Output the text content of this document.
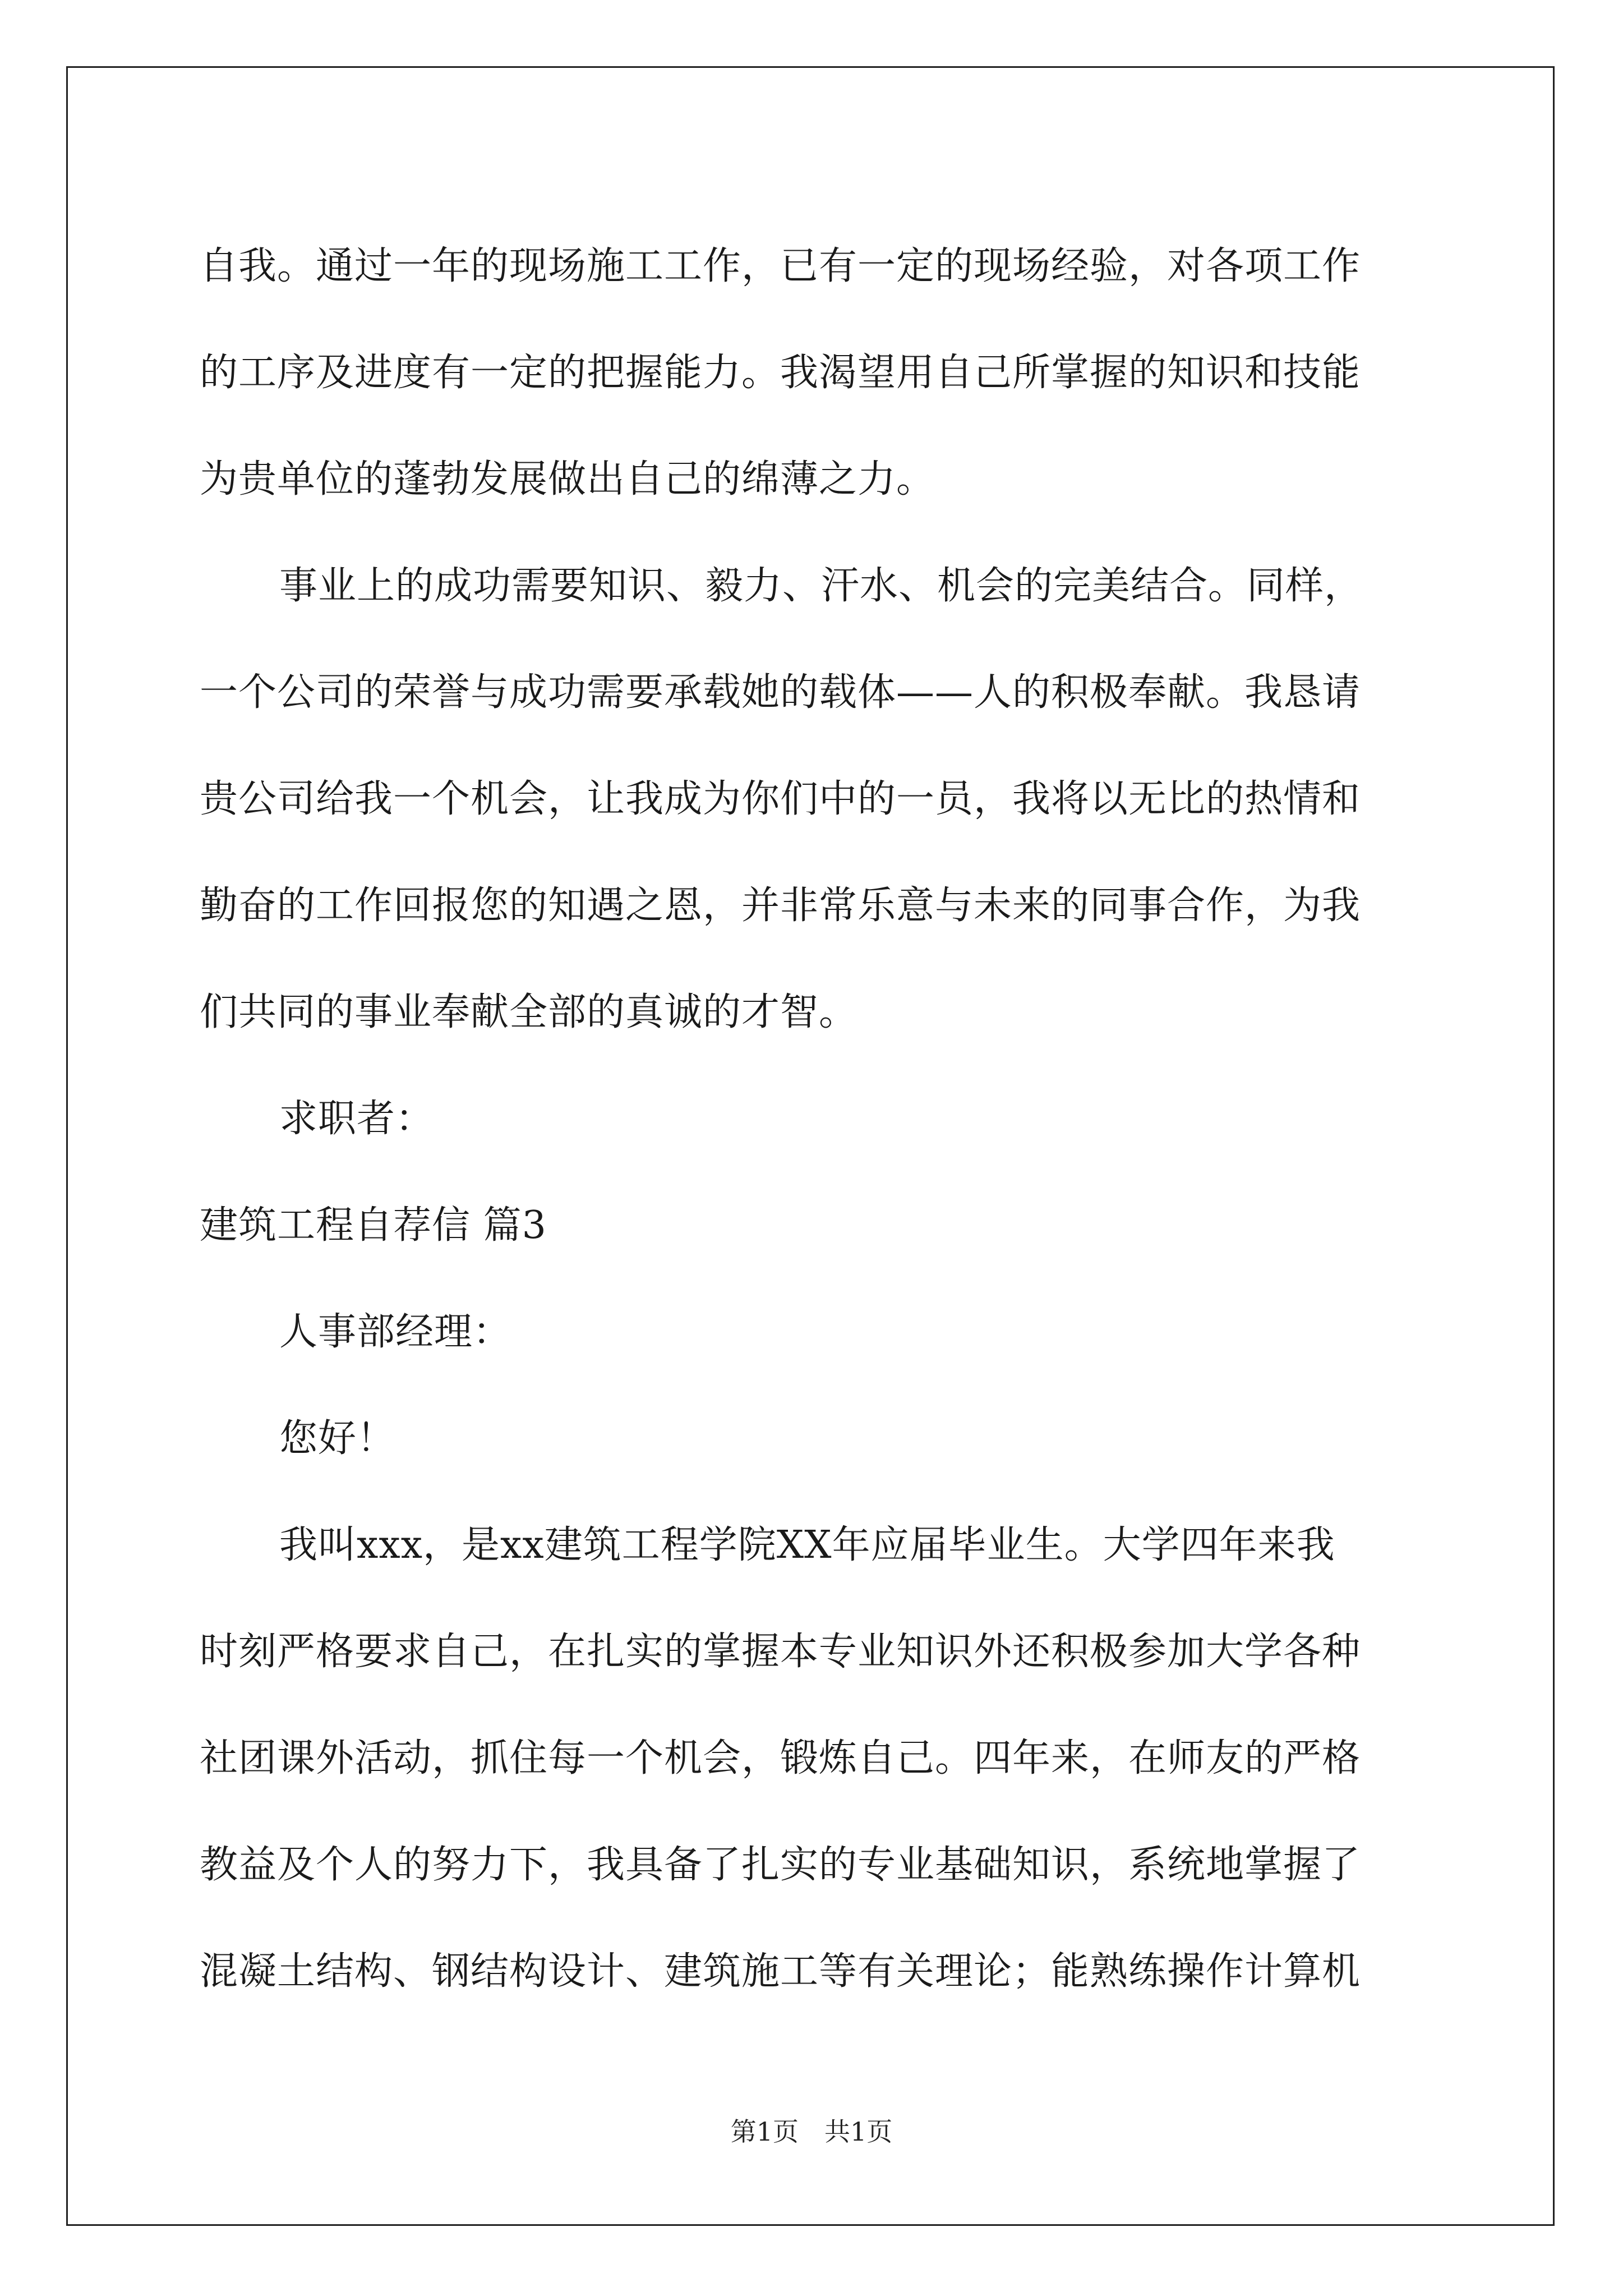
自我。通过一年的现场施工工作，已有一定的现场经验，对各项工作
的工序及进度有一定的把握能力。我渴望用自己所掌握的知识和技能
为贵单位的蓬勃发展做出自己的绵薄之力。
事业上的成功需要知识、毅力、汗水、机会的完美结合。同样，
一个公司的荣誉与成功需要承载她的载体——人的积极奉献。我恳请
贵公司给我一个机会，让我成为你们中的一员，我将以无比的热情和
勤奋的工作回报您的知遇之恩，并非常乐意与未来的同事合作，为我
们共同的事业奉献全部的真诚的才智。
求职者：
建筑工程自荐信 篇3
人事部经理：
您好！
我叫xxx，是xx建筑工程学院XX年应届毕业生。大学四年来我
时刻严格要求自己，在扎实的掌握本专业知识外还积极参加大学各种
社团课外活动，抓住每一个机会，锻炼自己。四年来，在师友的严格
教益及个人的努力下，我具备了扎实的专业基础知识，系统地掌握了
混凝土结构、钢结构设计、建筑施工等有关理论；能熟练操作计算机
第1页　共1页
